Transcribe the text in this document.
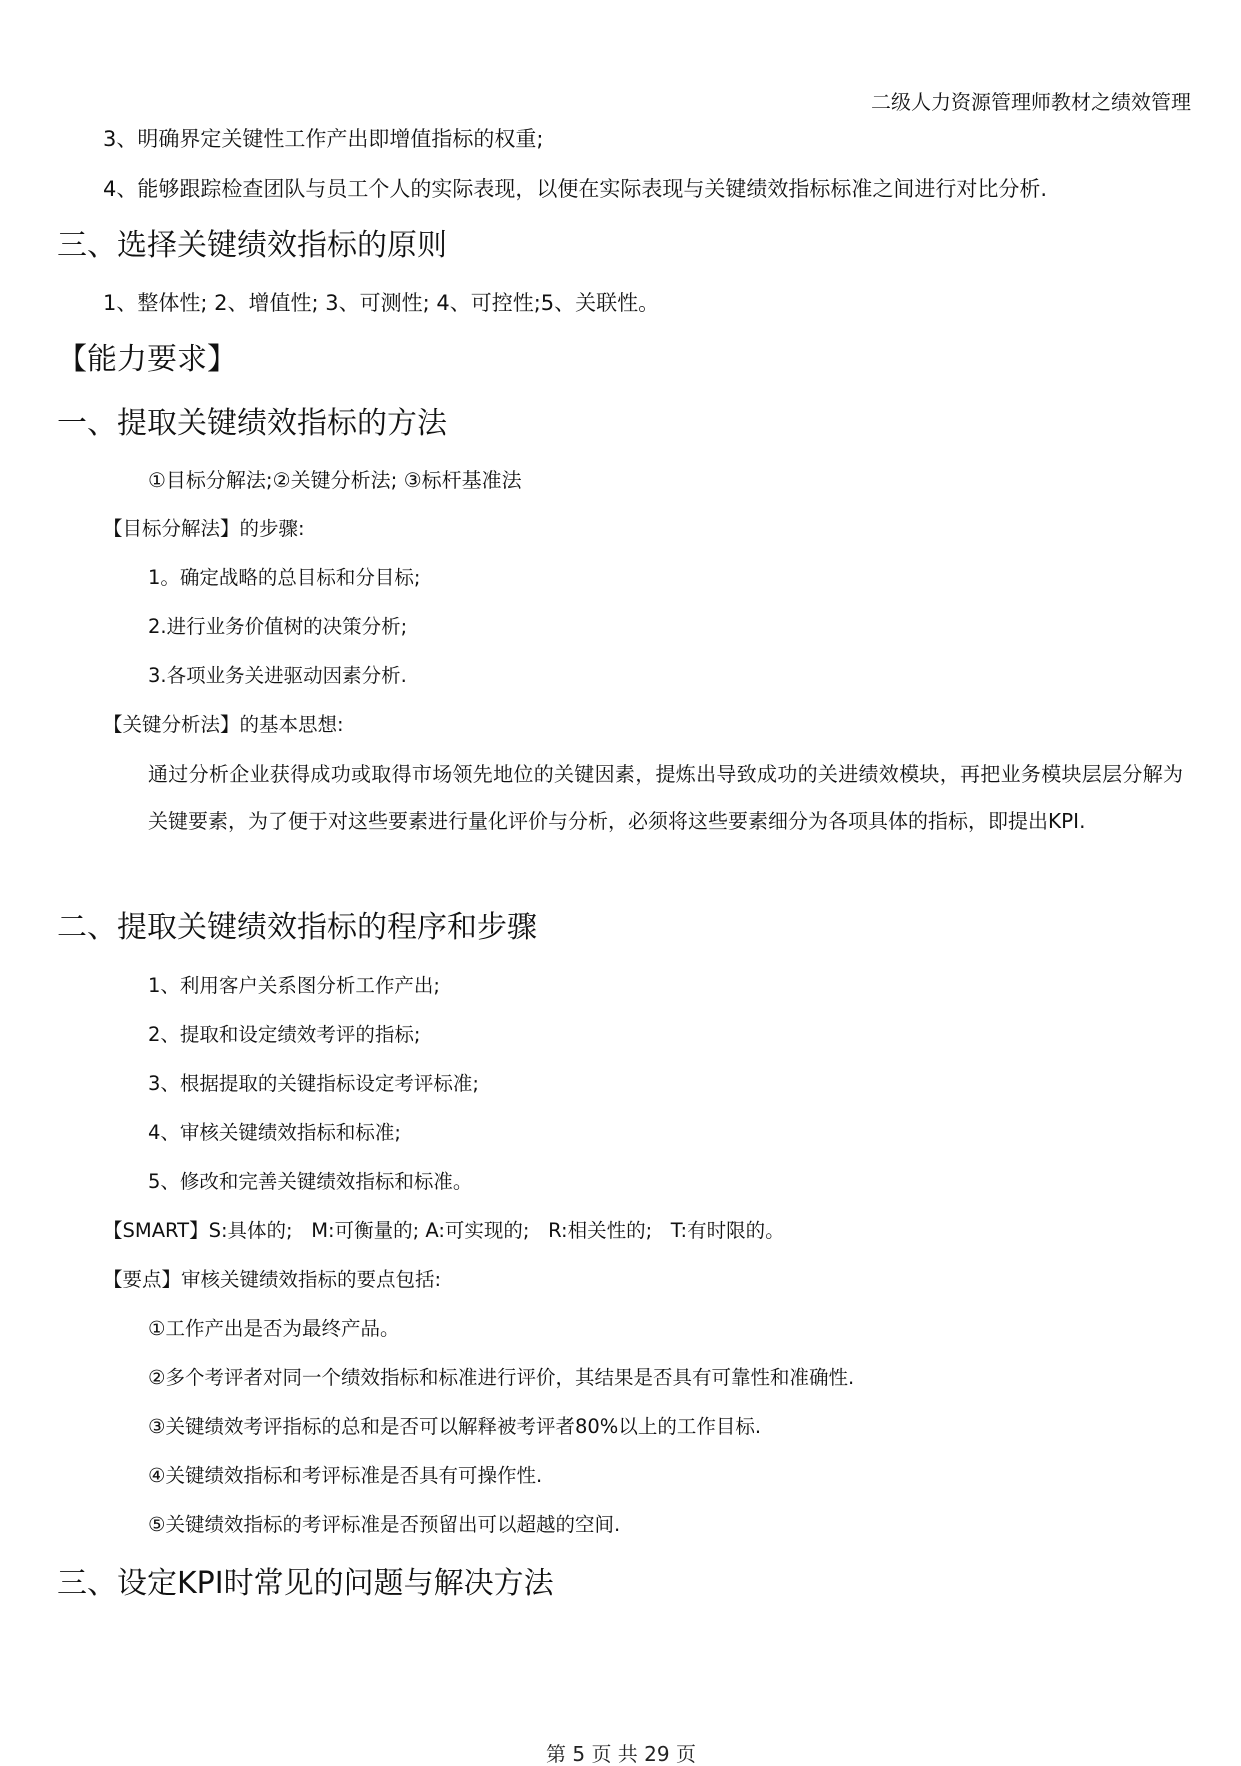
二级人力资源管理师教材之绩效管理
3、明确界定关键性工作产出即增值指标的权重;
4、能够跟踪检查团队与员工个人的实际表现，以便在实际表现与关键绩效指标标准之间进行对比分析.
三、选择关键绩效指标的原则
1、整体性; 2、增值性; 3、可测性; 4、可控性;5、关联性。
【能力要求】
一、提取关键绩效指标的方法
①目标分解法;②关键分析法; ③标杆基准法
【目标分解法】的步骤:
1。确定战略的总目标和分目标;
2.进行业务价值树的决策分析;
3.各项业务关进驱动因素分析.
【关键分析法】的基本思想:
通过分析企业获得成功或取得市场领先地位的关键因素，提炼出导致成功的关进绩效模块，再把业务模块层层分解为关键要素，为了便于对这些要素进行量化评价与分析，必须将这些要素细分为各项具体的指标，即提出KPI.
二、提取关键绩效指标的程序和步骤
1、利用客户关系图分析工作产出;
2、提取和设定绩效考评的指标;
3、根据提取的关键指标设定考评标准;
4、审核关键绩效指标和标准;
5、修改和完善关键绩效指标和标准。
【SMART】S:具体的;   M:可衡量的; A:可实现的;   R:相关性的;   T:有时限的。
【要点】审核关键绩效指标的要点包括:
①工作产出是否为最终产品。
②多个考评者对同一个绩效指标和标准进行评价，其结果是否具有可靠性和准确性.
③关键绩效考评指标的总和是否可以解释被考评者80%以上的工作目标.
④关键绩效指标和考评标准是否具有可操作性.
⑤关键绩效指标的考评标准是否预留出可以超越的空间.
三、设定KPI时常见的问题与解决方法
第 5 页 共 29 页
